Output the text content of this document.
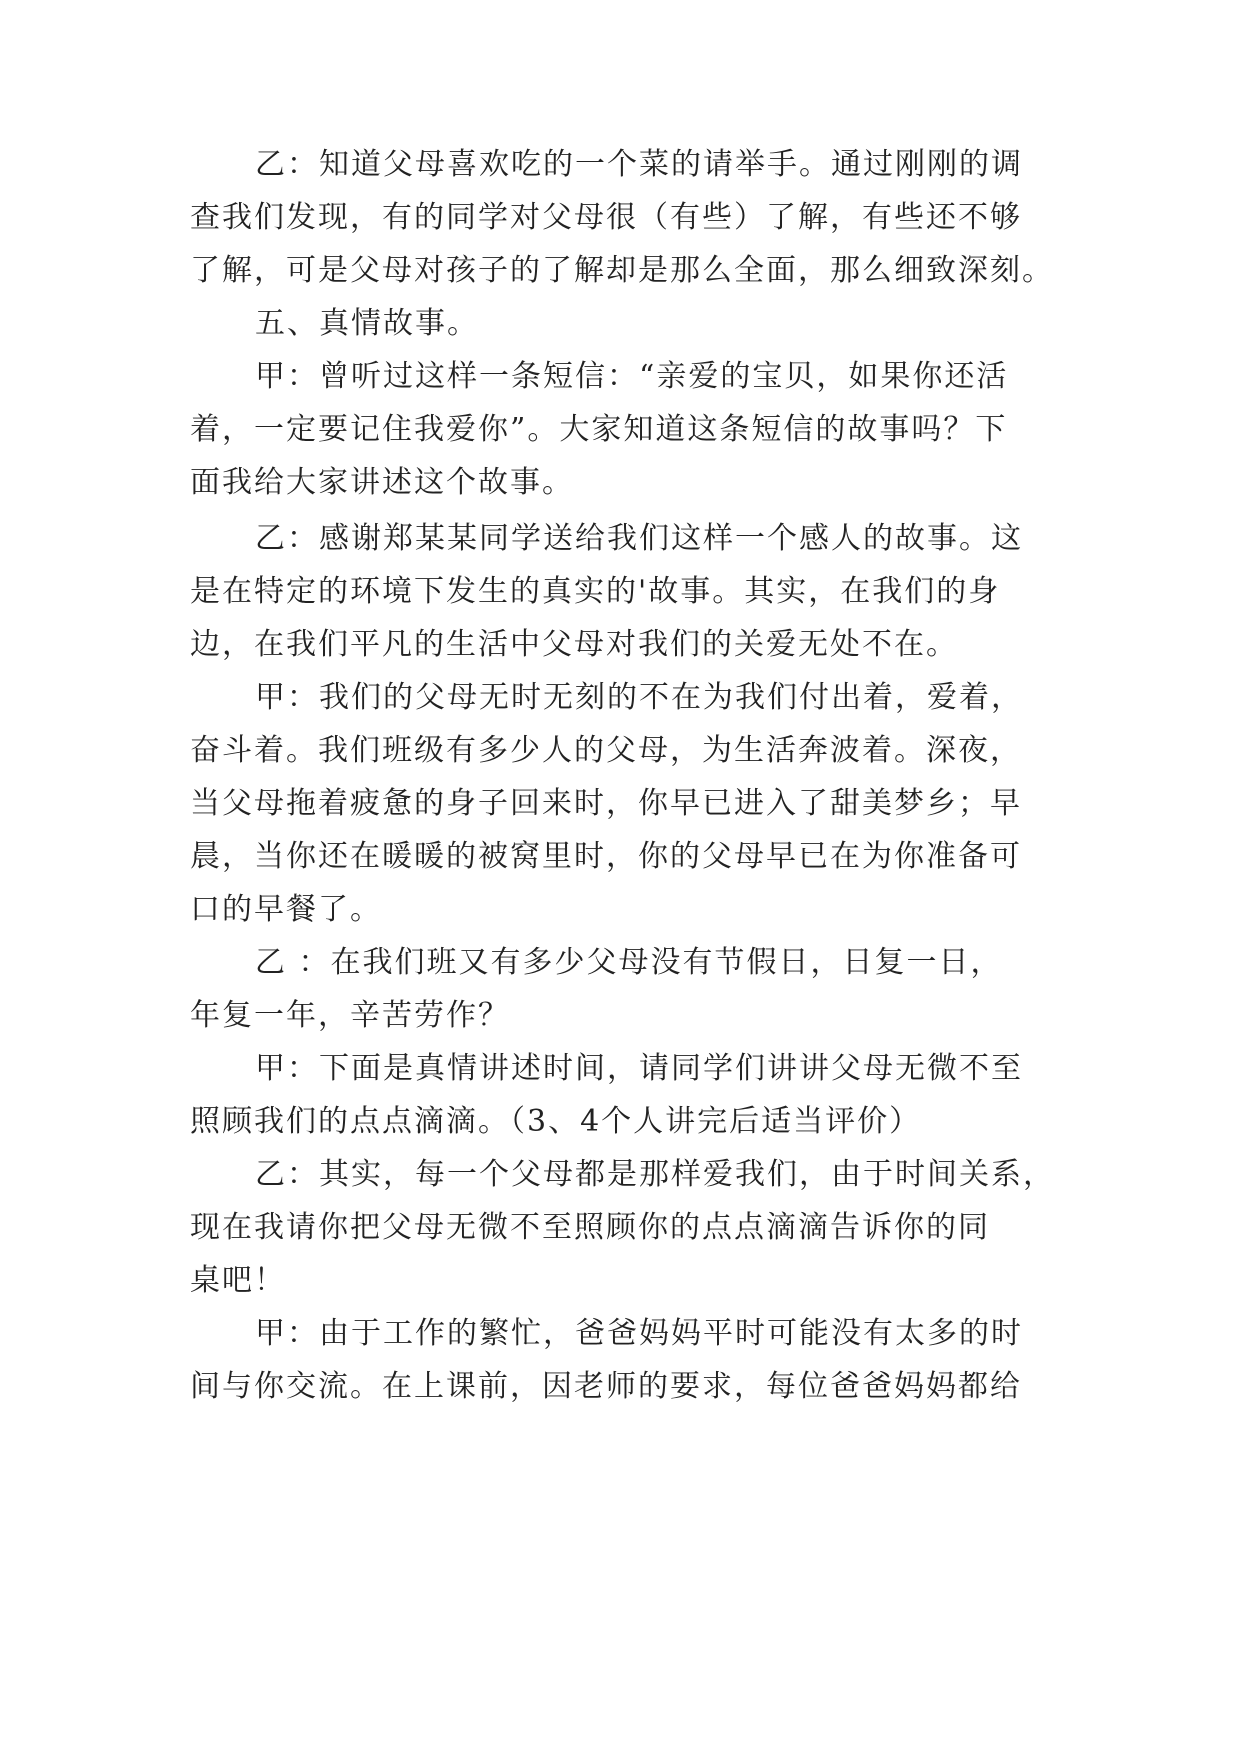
乙：知道父母喜欢吃的一个菜的请举手。通过刚刚的调
查我们发现，有的同学对父母很（有些）了解，有些还不够
了解，可是父母对孩子的了解却是那么全面，那么细致深刻。
五、真情故事。
甲：曾听过这样一条短信：“亲爱的宝贝，如果你还活
着，一定要记住我爱你”。大家知道这条短信的故事吗？下
面我给大家讲述这个故事。
乙：感谢郑某某同学送给我们这样一个感人的故事。这
是在特定的环境下发生的真实的'故事。其实，在我们的身
边，在我们平凡的生活中父母对我们的关爱无处不在。
甲：我们的父母无时无刻的不在为我们付出着，爱着，
奋斗着。我们班级有多少人的父母，为生活奔波着。深夜，
当父母拖着疲惫的身子回来时，你早已进入了甜美梦乡；早
晨，当你还在暖暖的被窝里时，你的父母早已在为你准备可
口的早餐了。
乙 ：在我们班又有多少父母没有节假日，日复一日，
年复一年，辛苦劳作？
甲：下面是真情讲述时间，请同学们讲讲父母无微不至
照顾我们的点点滴滴。（3、4个人讲完后适当评价）
乙：其实，每一个父母都是那样爱我们，由于时间关系，
现在我请你把父母无微不至照顾你的点点滴滴告诉你的同
桌吧！
甲：由于工作的繁忙，爸爸妈妈平时可能没有太多的时
间与你交流。在上课前，因老师的要求，每位爸爸妈妈都给
